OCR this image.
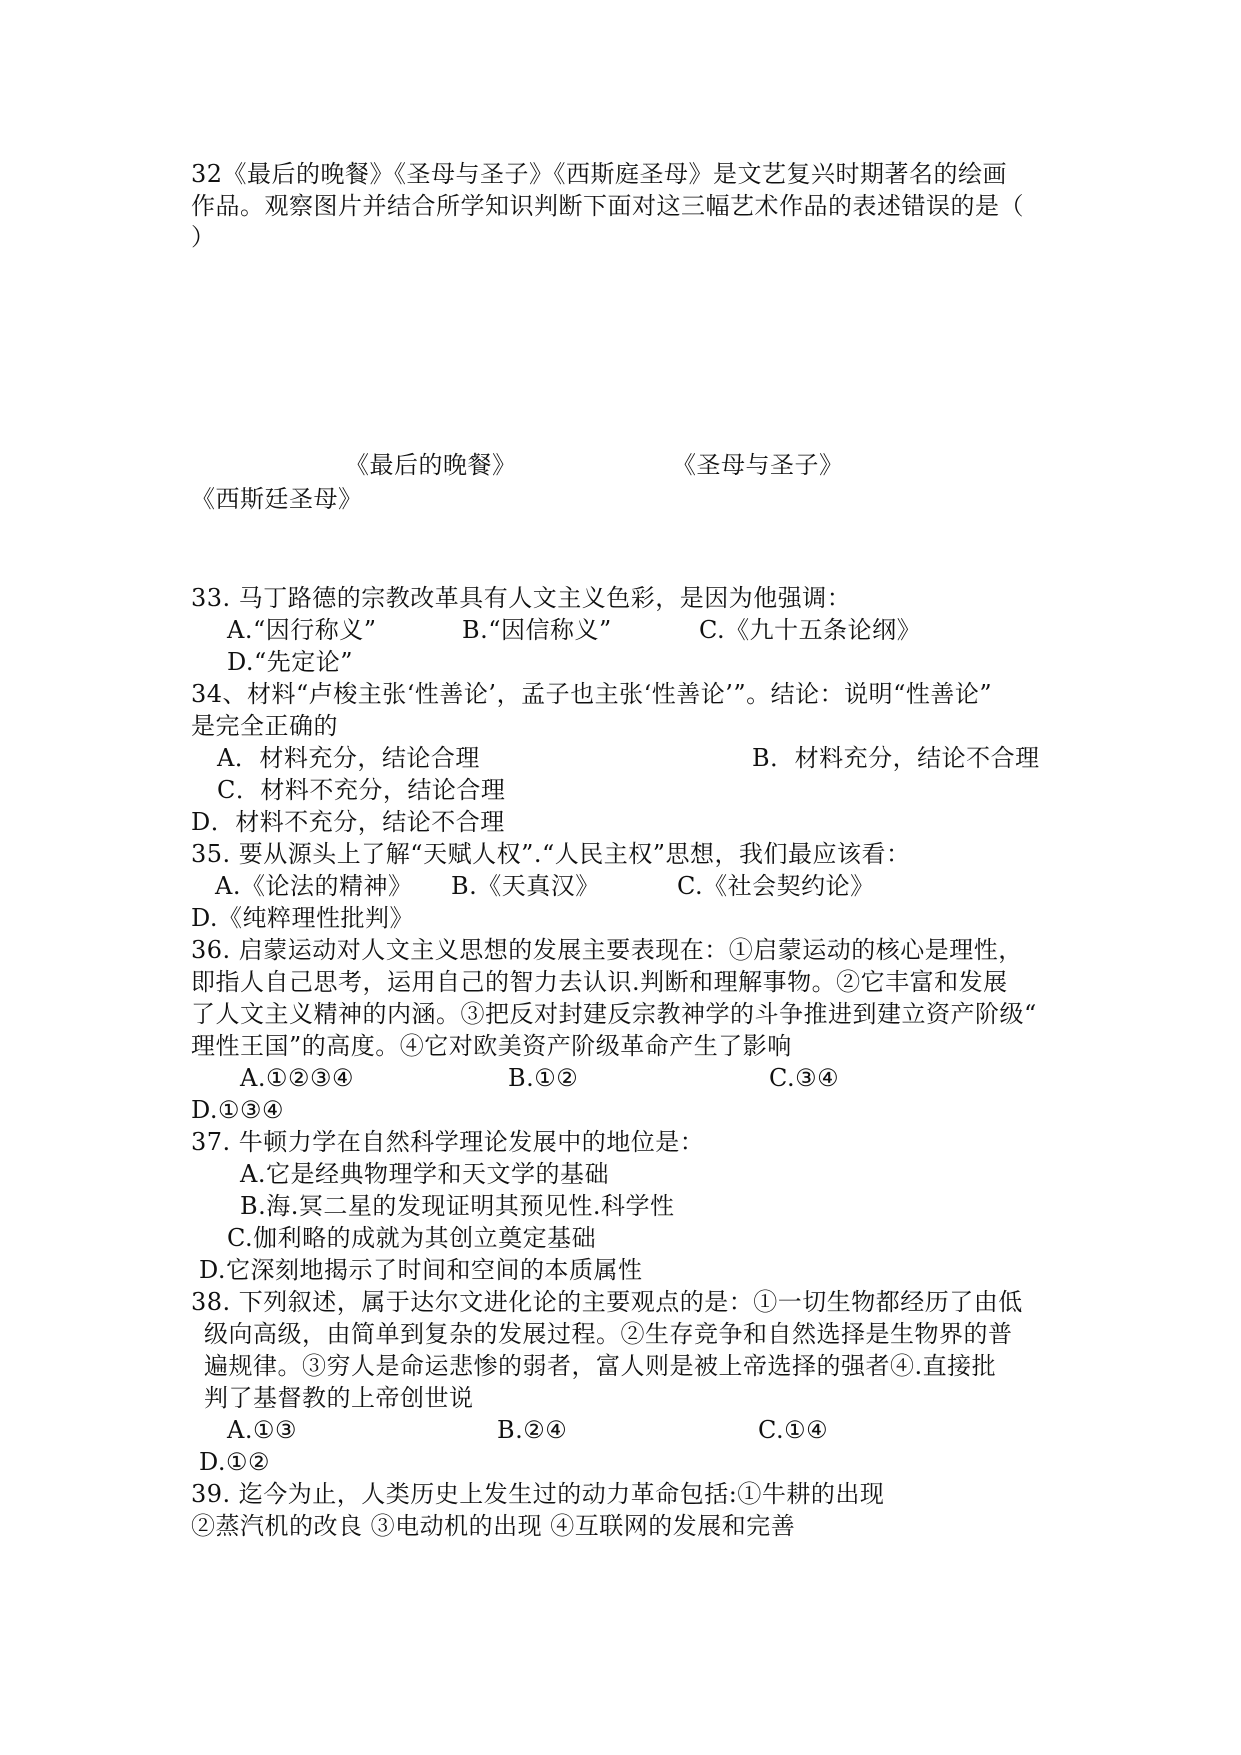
32《最后的晚餐》《圣母与圣子》《西斯庭圣母》是文艺复兴时期著名的绘画
作品。观察图片并结合所学知识判断下面对这三幅艺术作品的表述错误的是（
）
《最后的晚餐》	《圣母与圣子》
《西斯廷圣母》
33. 马丁路德的宗教改革具有人文主义色彩，是因为他强调：
A.“因行称义”	B.“因信称义”	C.《九十五条论纲》
D.“先定论”
34、材料“卢梭主张‘性善论’，孟子也主张‘性善论’”。结论：说明“性善论”
是完全正确的
A．材料充分，结论合理	B．材料充分，结论不合理
C．材料不充分，结论合理
D．材料不充分，结论不合理
35. 要从源头上了解“天赋人权”.“人民主权”思想，我们最应该看：
A.《论法的精神》 B.《天真汉》	C.《社会契约论》
D.《纯粹理性批判》
36. 启蒙运动对人文主义思想的发展主要表现在：①启蒙运动的核心是理性，
即指人自己思考，运用自己的智力去认识.判断和理解事物。②它丰富和发展
了人文主义精神的内涵。③把反对封建反宗教神学的斗争推进到建立资产阶级“
理性王国”的高度。④它对欧美资产阶级革命产生了影响
A.①②③④	B.①②	C.③④
D.①③④
37. 牛顿力学在自然科学理论发展中的地位是：
A.它是经典物理学和天文学的基础
B.海.冥二星的发现证明其预见性.科学性
C.伽利略的成就为其创立奠定基础
D.它深刻地揭示了时间和空间的本质属性
38. 下列叙述，属于达尔文进化论的主要观点的是：①一切生物都经历了由低
级向高级，由简单到复杂的发展过程。②生存竞争和自然选择是生物界的普
遍规律。③穷人是命运悲惨的弱者，富人则是被上帝选择的强者④.直接批
判了基督教的上帝创世说
A.①③	B.②④	C.①④
D.①②
39. 迄今为止，人类历史上发生过的动力革命包括:①牛耕的出现
②蒸汽机的改良 ③电动机的出现 ④互联网的发展和完善
